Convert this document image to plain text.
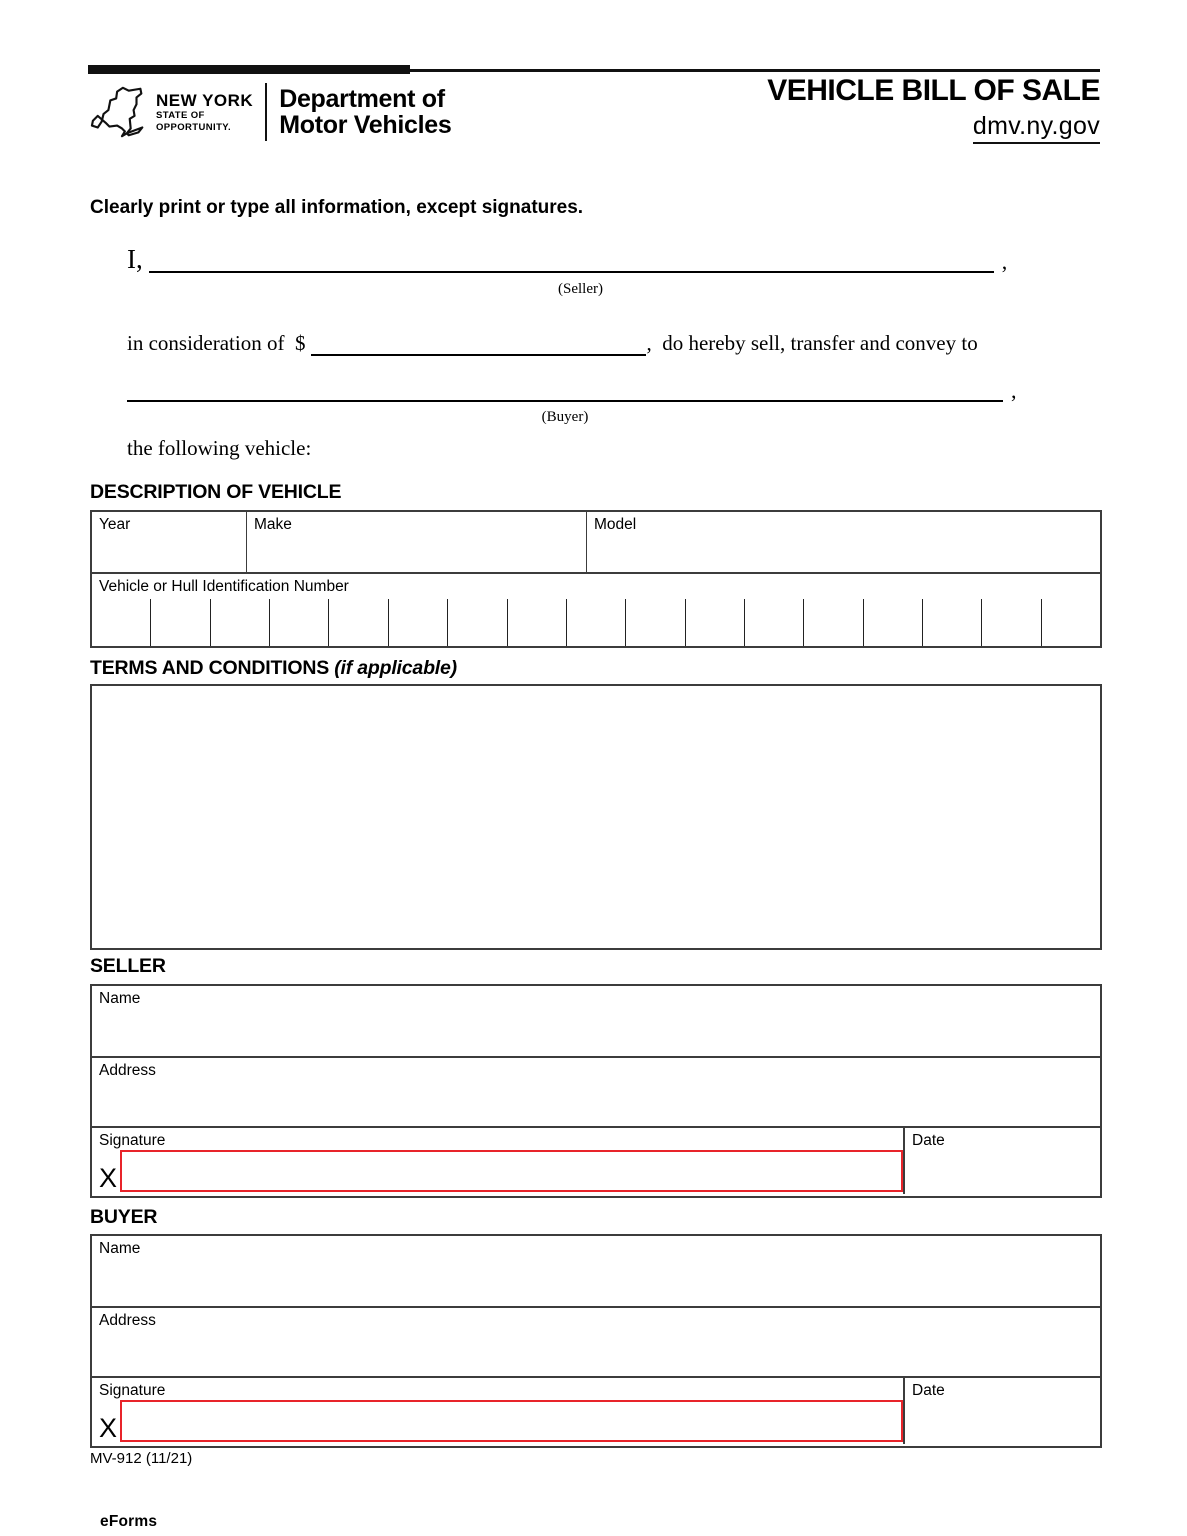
NEW YORK
STATE OF
OPPORTUNITY.
Department of
Motor Vehicles
VEHICLE BILL OF SALE
dmv.ny.gov
Clearly print or type all information, except signatures.
I,	,
(Seller)
in consideration of  $	,  do hereby sell, transfer and convey to
,
(Buyer)
the following vehicle:
DESCRIPTION OF VEHICLE
Year	Make	Model
Vehicle or Hull Identification Number
TERMS AND CONDITIONS (if applicable)
SELLER
Name
Address
Signature
X
Date
BUYER
Name
Address
Signature
X
Date
MV-912 (11/21)
eForms
